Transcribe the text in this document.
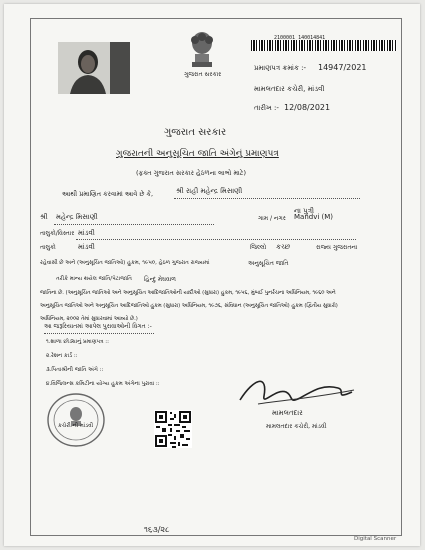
ગુજરાત સરકાર
2100001 140014841
પ્રમાણપત્ર ક્રમાંક :- 14947/2021
મામલતદાર કચેરી, માંડવી
તારીખ :- 12/08/2021
ગુજરાત સરકાર
ગુજરાતની અનુસૂચિત જાતિ અંગેનું પ્રમાણપત્ર
(ફક્ત ગુજરાત સરકાર હેઠળના લાભો માટે)
આથી પ્રમાણિત કરવામાં આવે છે કે,	શ્રી રાહી મહેન્દ્ર મિસાણી
ના પુત્રી
શ્રી મહેન્દ્ર મિસાણી	ગામ / નગર Mandvi (M)
તાલુકો/વિસ્તાર માંડવી
તાલુકો	માંડવી	જિલ્લો કચ્છ	રાજ્ય ગુજરાતના
રહેવાસી છે અને (અનુસૂચિત જાતિઓ) હુકમ, ૧૯૫૦, હેઠળ ગુજરાત રાજ્યમાં	અનુસૂચિત જાતિ
તરીકે માન્ય થયેલ જાતિ/પેટાજાતિ હિન્દુ મેઘવાળ
જાતિના છે. (અનુસૂચિત જાતિઓ અને અનુસૂચિત આદિજાતિઓની યાદીઓ (સુધારા) હુકમ, ૧૯૫૬, મુંબઈ પુનર્રચના અધિનિયમ, ૧૯૬૦ અને
અનુસૂચિત જાતિઓ અને અનુસૂચિત આદિજાતિઓ હુકમ (સુધારા) અધિનિયમ, ૧૯૭૬, સંવિધાન (અનુસૂચિત જાતિઓ) હુકમ (દ્વિતીય સુધારો)
અધિનિયમ, ૨૦૦૨ તેમાં સુધારવામાં આવ્યો છે.)
આ જરૂરિયાતમાં આપેલ પુરાવાઓની વિગત :-
૧.શાળા છોડ્યાનું પ્રમાણપત્ર ::
૨.રેશન કાર્ડ ::
૩.પિતાશ્રીની જાતિ અંગે ::
૪.વિજિલન્સ કમિટીના યોગ્ય હુકમ અંગેના પુરાવા ::
કચેરી.ની માંડવી
મામલતદાર
મામલતદાર કચેરી, માંડવી
૧૬૩/૨૮
Digital Scanner
